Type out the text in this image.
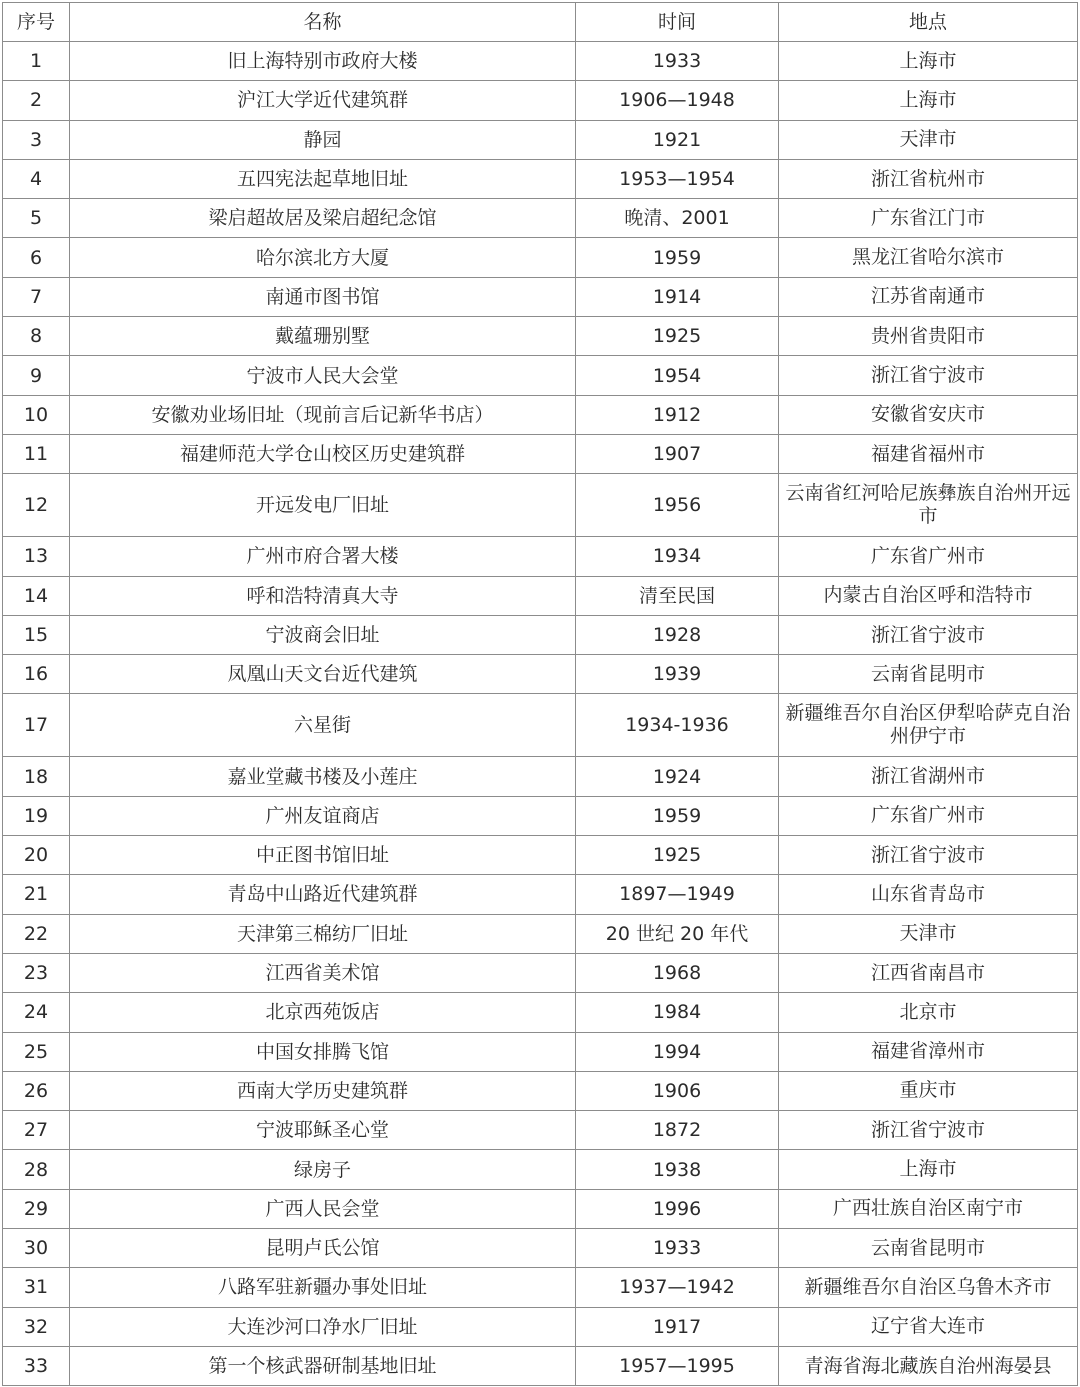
序号	名称	时间	地点
1	旧上海特别市政府大楼	1933	上海市
2	沪江大学近代建筑群	1906—1948	上海市
3	静园	1921	天津市
4	五四宪法起草地旧址	1953—1954	浙江省杭州市
5	梁启超故居及梁启超纪念馆	晚清、2001	广东省江门市
6	哈尔滨北方大厦	1959	黑龙江省哈尔滨市
7	南通市图书馆	1914	江苏省南通市
8	戴蕴珊别墅	1925	贵州省贵阳市
9	宁波市人民大会堂	1954	浙江省宁波市
10	安徽劝业场旧址（现前言后记新华书店）	1912	安徽省安庆市
11	福建师范大学仓山校区历史建筑群	1907	福建省福州市
12	开远发电厂旧址	1956	云南省红河哈尼族彝族自治州开远市
13	广州市府合署大楼	1934	广东省广州市
14	呼和浩特清真大寺	清至民国	内蒙古自治区呼和浩特市
15	宁波商会旧址	1928	浙江省宁波市
16	凤凰山天文台近代建筑	1939	云南省昆明市
17	六星街	1934-1936	新疆维吾尔自治区伊犁哈萨克自治州伊宁市
18	嘉业堂藏书楼及小莲庄	1924	浙江省湖州市
19	广州友谊商店	1959	广东省广州市
20	中正图书馆旧址	1925	浙江省宁波市
21	青岛中山路近代建筑群	1897—1949	山东省青岛市
22	天津第三棉纺厂旧址	20 世纪 20 年代	天津市
23	江西省美术馆	1968	江西省南昌市
24	北京西苑饭店	1984	北京市
25	中国女排腾飞馆	1994	福建省漳州市
26	西南大学历史建筑群	1906	重庆市
27	宁波耶稣圣心堂	1872	浙江省宁波市
28	绿房子	1938	上海市
29	广西人民会堂	1996	广西壮族自治区南宁市
30	昆明卢氏公馆	1933	云南省昆明市
31	八路军驻新疆办事处旧址	1937—1942	新疆维吾尔自治区乌鲁木齐市
32	大连沙河口净水厂旧址	1917	辽宁省大连市
33	第一个核武器研制基地旧址	1957—1995	青海省海北藏族自治州海晏县
